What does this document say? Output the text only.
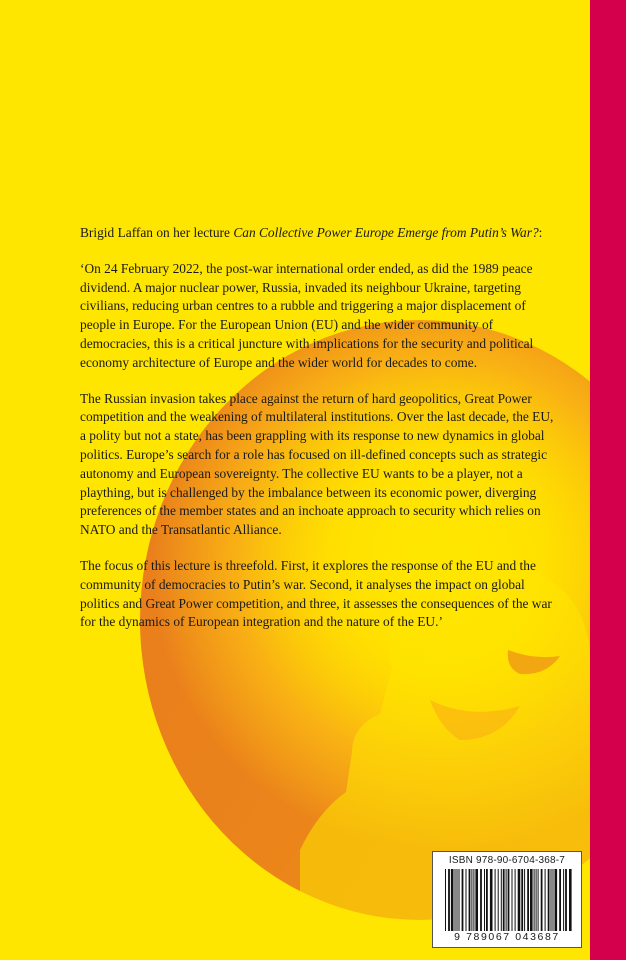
Brigid Laffan on her lecture Can Collective Power Europe Emerge from Putin’s War?:

‘On 24 February 2022, the post-war international order ended, as did the 1989 peace dividend. A major nuclear power, Russia, invaded its neighbour Ukraine, targeting civilians, reducing urban centres to a rubble and triggering a major displacement of people in Europe. For the European Union (EU) and the wider community of democracies, this is a critical juncture with implications for the security and political economy architecture of Europe and the wider world for decades to come.

The Russian invasion takes place against the return of hard geopolitics, Great Power competition and the weakening of multilateral institutions. Over the last decade, the EU, a polity but not a state, has been grappling with its response to new dynamics in global politics. Europe’s search for a role has focused on ill-defined concepts such as strategic autonomy and European sovereignty. The collective EU wants to be a player, not a plaything, but is challenged by the imbalance between its economic power, diverging preferences of the member states and an inchoate approach to security which relies on NATO and the Transatlantic Alliance.

The focus of this lecture is threefold. First, it explores the response of the EU and the community of democracies to Putin’s war. Second, it analyses the impact on global politics and Great Power competition, and three, it assesses the consequences of the war for the dynamics of European integration and the nature of the EU.’

ISBN 978-90-6704-368-7
9 789067 043687
